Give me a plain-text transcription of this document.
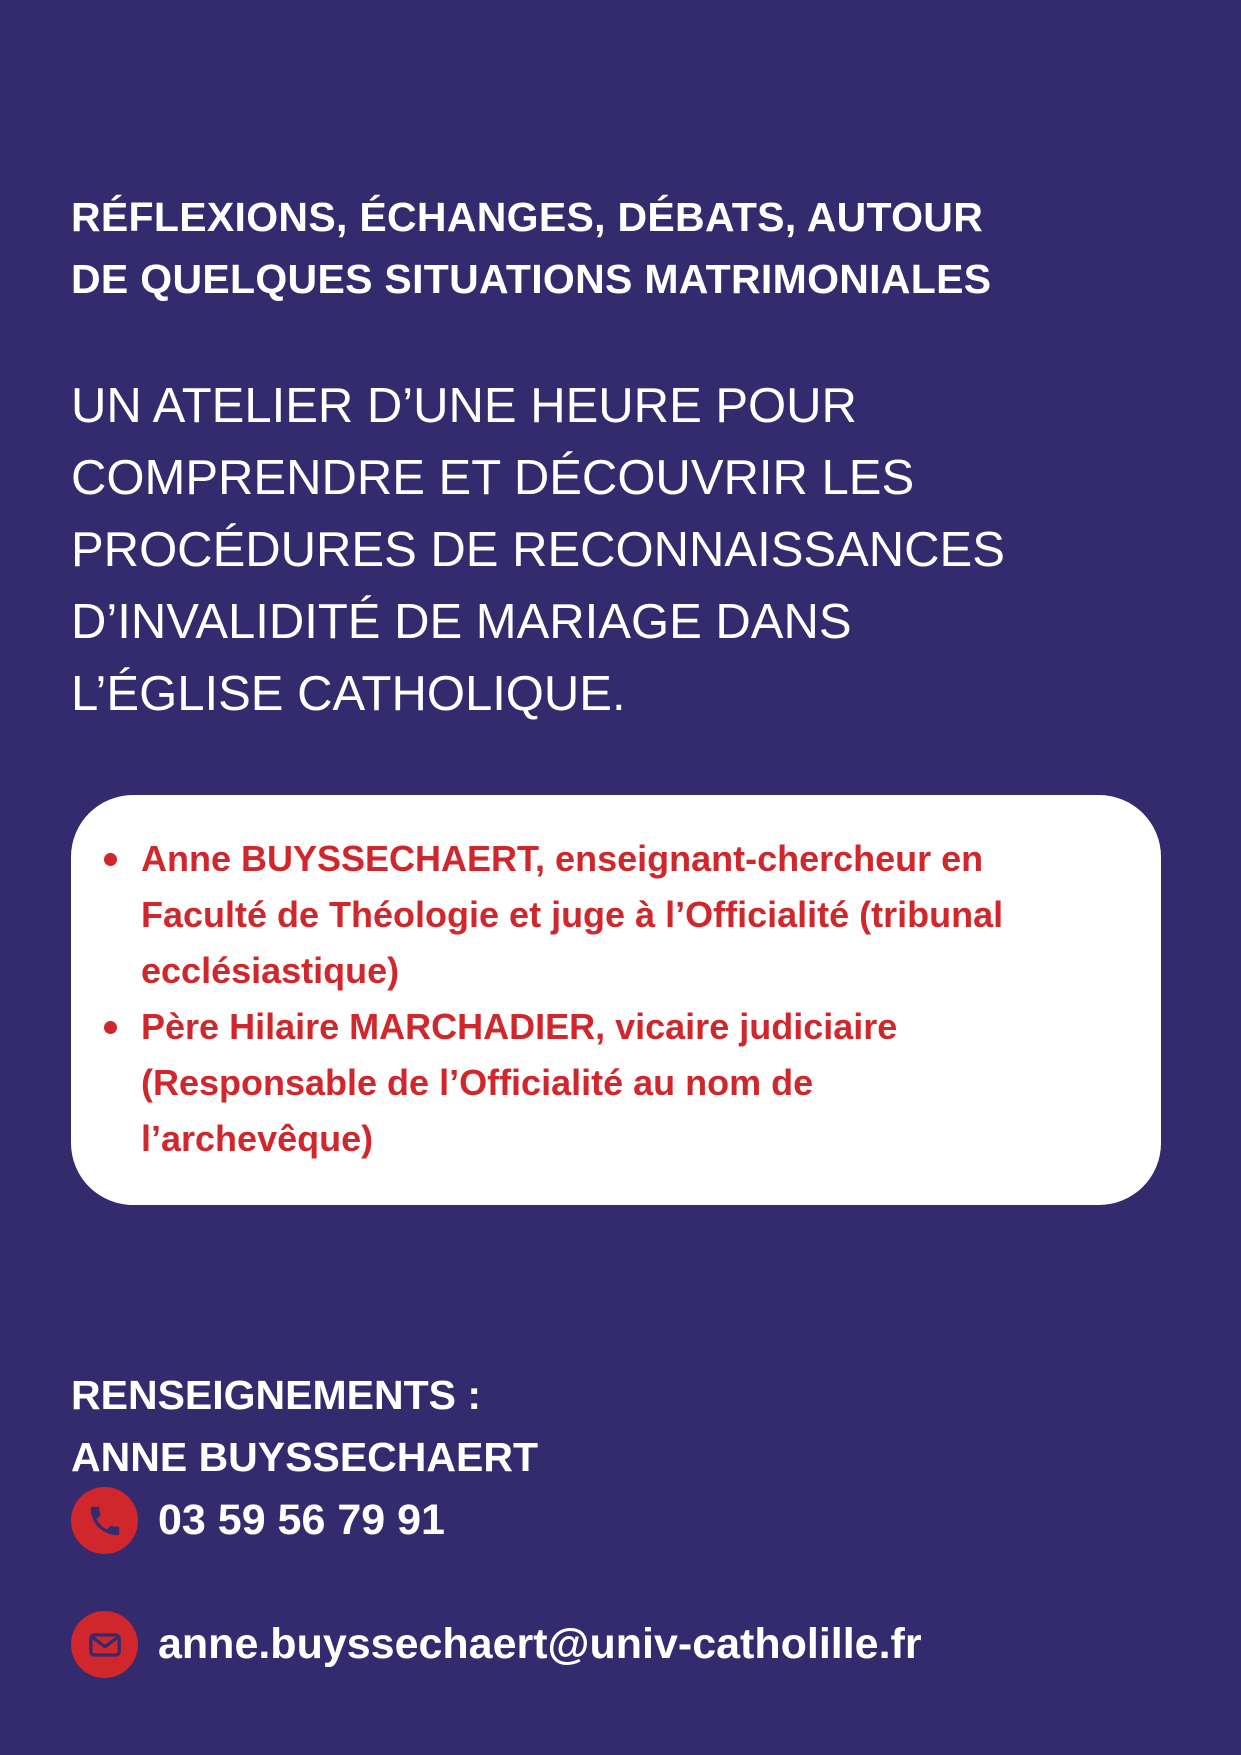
RÉFLEXIONS, ÉCHANGES, DÉBATS, AUTOUR
DE QUELQUES SITUATIONS MATRIMONIALES

UN ATELIER D’UNE HEURE POUR
COMPRENDRE ET DÉCOUVRIR LES
PROCÉDURES DE RECONNAISSANCES
D’INVALIDITÉ DE MARIAGE DANS
L’ÉGLISE CATHOLIQUE.

Anne BUYSSECHAERT, enseignant-chercheur en
Faculté de Théologie et juge à l’Officialité (tribunal
ecclésiastique)
Père Hilaire MARCHADIER, vicaire judiciaire
(Responsable de l’Officialité au nom de
l’archevêque)
RENSEIGNEMENTS :
ANNE BUYSSECHAERT
03 59 56 79 91
anne.buyssechaert@univ-catholille.fr
